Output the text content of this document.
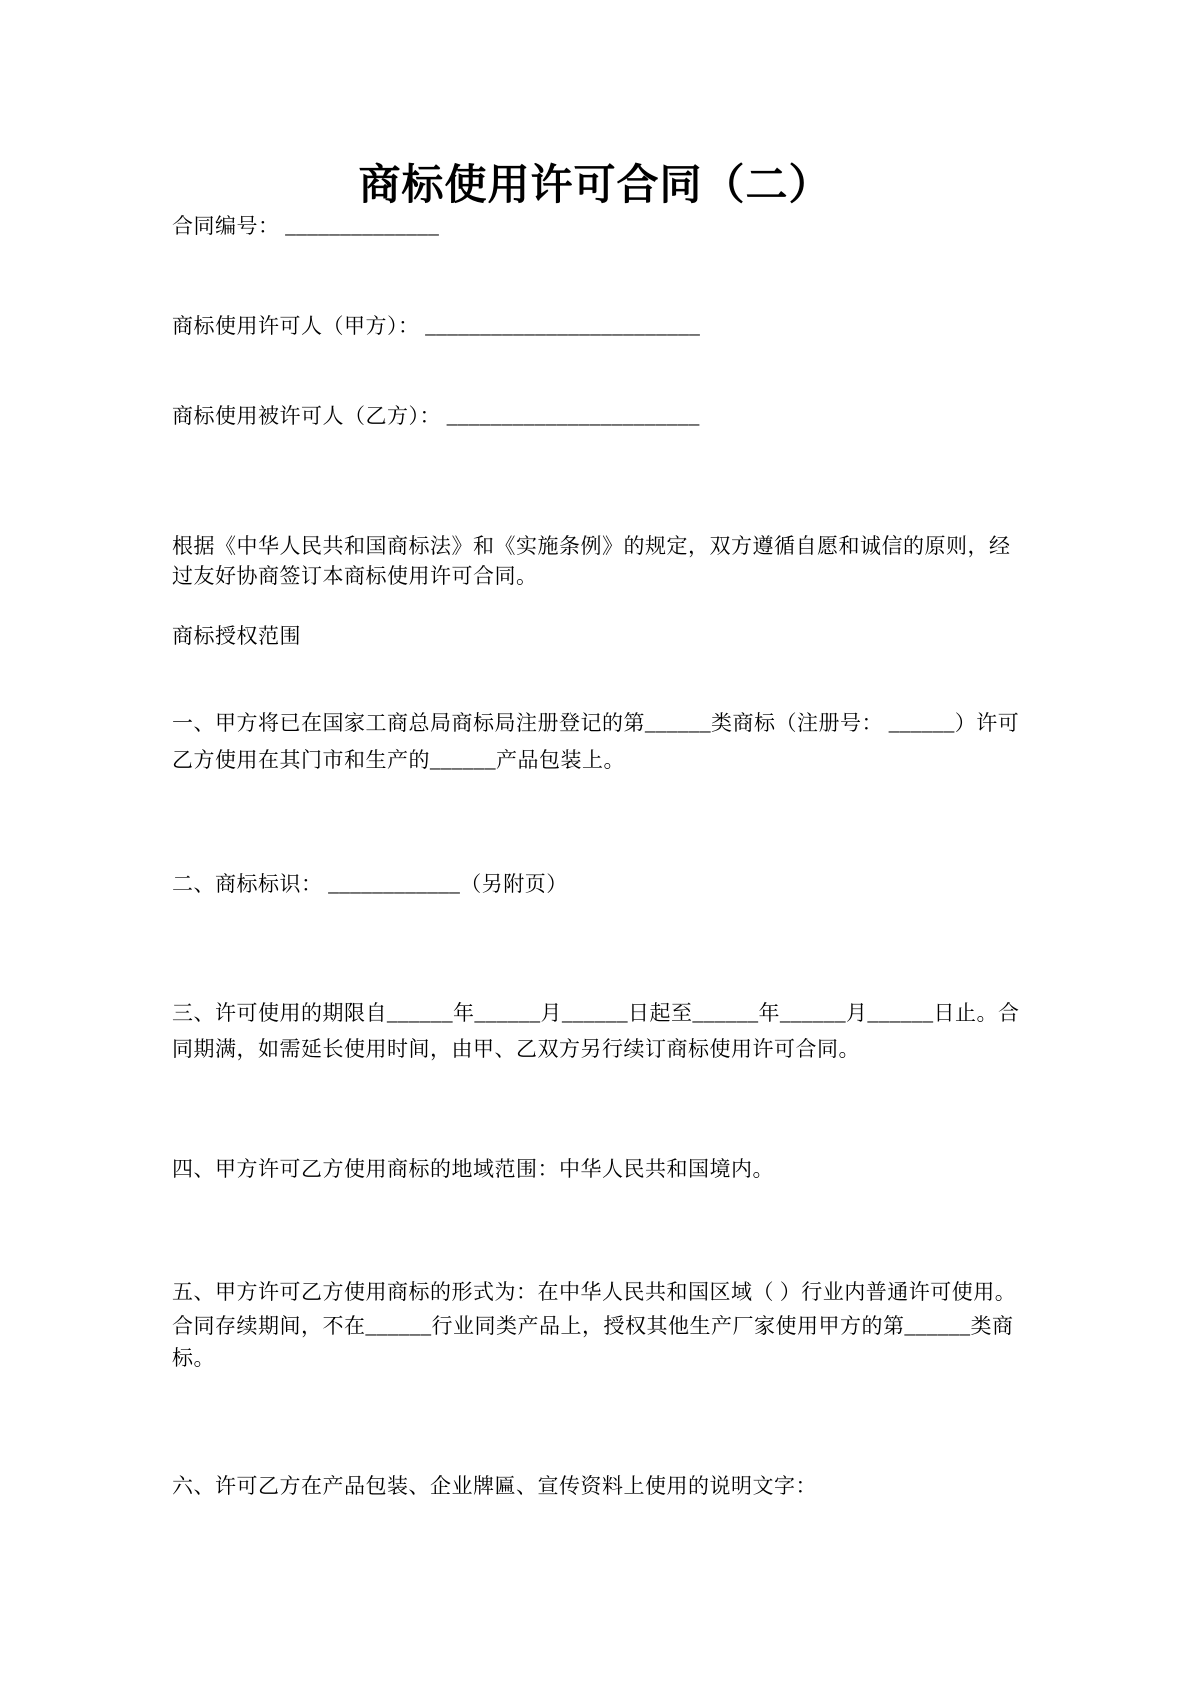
商标使用许可合同（二）
合同编号： ______________
商标使用许可人（甲方）： _________________________
商标使用被许可人（乙方）： _______________________
根据《中华人民共和国商标法》和《实施条例》的规定，双方遵循自愿和诚信的原则，经
过友好协商签订本商标使用许可合同。
商标授权范围
一、甲方将已在国家工商总局商标局注册登记的第______类商标（注册号： ______）许可
乙方使用在其门市和生产的______产品包装上。
二、商标标识： ____________（另附页）
三、许可使用的期限自______年______月______日起至______年______月______日止。合
同期满，如需延长使用时间，由甲、乙双方另行续订商标使用许可合同。
四、甲方许可乙方使用商标的地域范围：中华人民共和国境内。
五、甲方许可乙方使用商标的形式为：在中华人民共和国区域（ ）行业内普通许可使用。
合同存续期间，不在______行业同类产品上，授权其他生产厂家使用甲方的第______类商
标。
六、许可乙方在产品包装、企业牌匾、宣传资料上使用的说明文字：
